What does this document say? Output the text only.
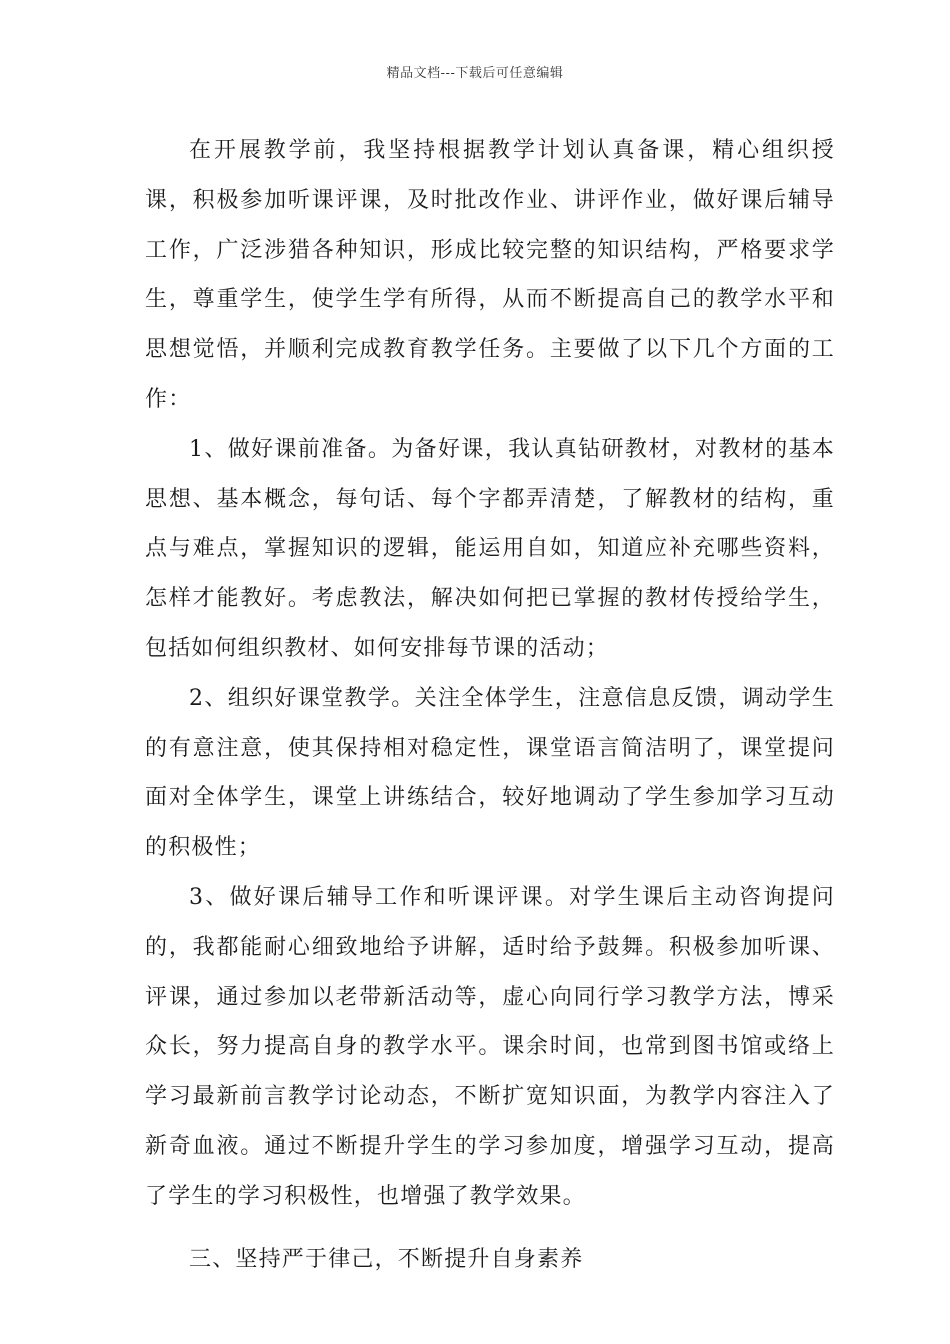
精品文档---下载后可任意编辑

在开展教学前，我坚持根据教学计划认真备课，精心组织授课，积极参加听课评课，及时批改作业、讲评作业，做好课后辅导工作，广泛涉猎各种知识，形成比较完整的知识结构，严格要求学生，尊重学生，使学生学有所得，从而不断提高自己的教学水平和思想觉悟，并顺利完成教育教学任务。主要做了以下几个方面的工作：

1、做好课前准备。为备好课，我认真钻研教材，对教材的基本思想、基本概念，每句话、每个字都弄清楚，了解教材的结构，重点与难点，掌握知识的逻辑，能运用自如，知道应补充哪些资料，怎样才能教好。考虑教法，解决如何把已掌握的教材传授给学生，包括如何组织教材、如何安排每节课的活动；

2、组织好课堂教学。关注全体学生，注意信息反馈，调动学生的有意注意，使其保持相对稳定性，课堂语言简洁明了，课堂提问面对全体学生，课堂上讲练结合，较好地调动了学生参加学习互动的积极性；

3、做好课后辅导工作和听课评课。对学生课后主动咨询提问的，我都能耐心细致地给予讲解，适时给予鼓舞。积极参加听课、评课，通过参加以老带新活动等，虚心向同行学习教学方法，博采众长，努力提高自身的教学水平。课余时间，也常到图书馆或络上学习最新前言教学讨论动态，不断扩宽知识面，为教学内容注入了新奇血液。通过不断提升学生的学习参加度，增强学习互动，提高了学生的学习积极性，也增强了教学效果。

三、坚持严于律己，不断提升自身素养
